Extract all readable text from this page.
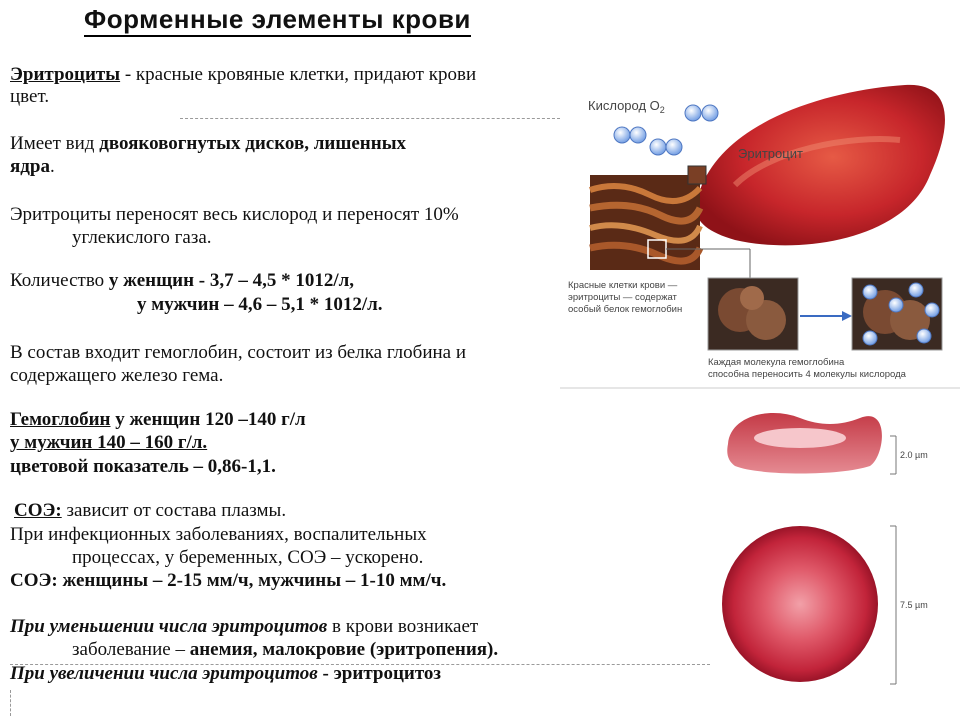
Форменные элементы крови
Эритроциты - красные кровяные клетки, придают крови
цвет.
Имеет вид двояковогнутых дисков, лишенных
ядра.
Эритроциты переносят весь кислород и переносят 10%
углекислого газа.
Количество у женщин - 3,7 – 4,5 * 1012/л,
у мужчин – 4,6 – 5,1 * 1012/л.
В состав входит гемоглобин, состоит из белка глобина и
содержащего железо гема.
Гемоглобин у женщин 120 –140 г/л
у мужчин 140 – 160 г/л.
цветовой показатель – 0,86-1,1.
СОЭ: зависит от состава плазмы.
При инфекционных заболеваниях, воспалительных
процессах, у беременных, СОЭ – ускорено.
СОЭ: женщины – 2-15 мм/ч, мужчины – 1-10 мм/ч.
При уменьшении числа эритроцитов в крови возникает
заболевание – анемия, малокровие (эритропения).
При увеличении числа эритроцитов - эритроцитоз
Эритроцит
Кислород $О_2$
Красные клетки крови —
эритроциты — содержат
особый белок гемоглобин
Каждая молекула гемоглобина
способна переносить 4 молекулы кислорода
2.0 µm
7.5 µm
